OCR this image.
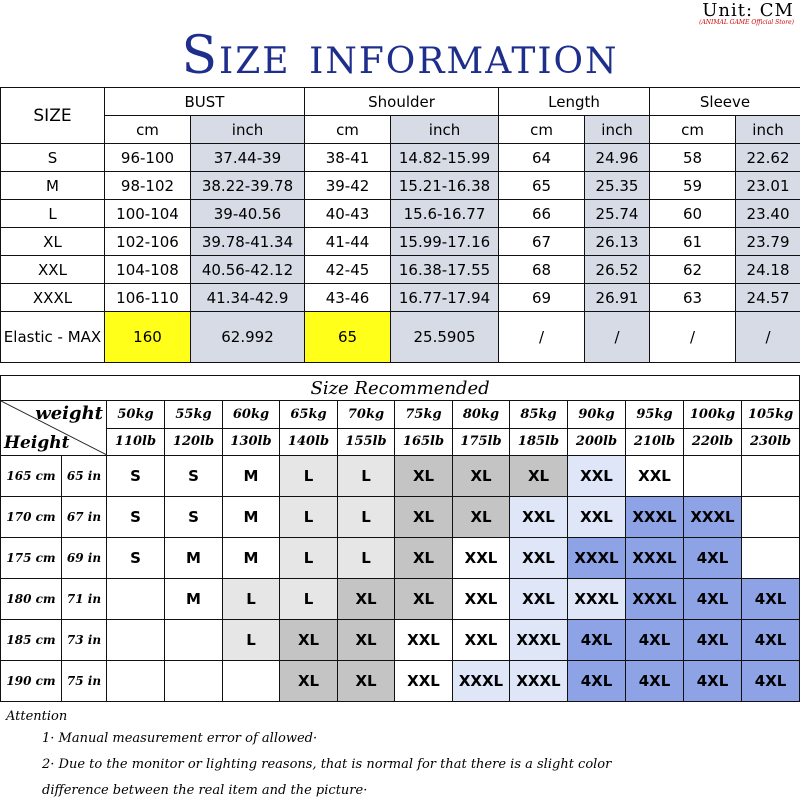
Unit: CM
(ANIMAL GAME Official Store)
Size information
SIZE	BUST		Shoulder		Length		Sleeve	
	cm	inch	cm	inch	cm	inch	cm	inch
S	96-100	37.44-39	38-41	14.82-15.99	64	24.96	58	22.62
M	98-102	38.22-39.78	39-42	15.21-16.38	65	25.35	59	23.01
L	100-104	39-40.56	40-43	15.6-16.77	66	25.74	60	23.40
XL	102-106	39.78-41.34	41-44	15.99-17.16	67	26.13	61	23.79
XXL	104-108	40.56-42.12	42-45	16.38-17.55	68	26.52	62	24.18
XXXL	106-110	41.34-42.9	43-46	16.77-17.94	69	26.91	63	24.57
Elastic - MAX	160	62.992	65	25.5905	/	/	/	/
Size Recommended													

weight
Height		50kg	55kg	60kg	65kg	70kg	75kg	80kg	85kg	90kg	95kg	100kg	105kg
		110lb	120lb	130lb	140lb	155lb	165lb	175lb	185lb	200lb	210lb	220lb	230lb
165 cm	65 in	S	S	M	L	L	XL	XL	XL	XXL	XXL		
170 cm	67 in	S	S	M	L	L	XL	XL	XXL	XXL	XXXL	XXXL	
175 cm	69 in	S	M	M	L	L	XL	XXL	XXL	XXXL	XXXL	4XL	
180 cm	71 in		M	L	L	XL	XL	XXL	XXL	XXXL	XXXL	4XL	4XL
185 cm	73 in			L	XL	XL	XXL	XXL	XXXL	4XL	4XL	4XL	4XL
190 cm	75 in				XL	XL	XXL	XXXL	XXXL	4XL	4XL	4XL	4XL
Attention
1· Manual measurement error of allowed·
2· Due to the monitor or lighting reasons, that is normal for that there is a slight color
difference between the real item and the picture·
